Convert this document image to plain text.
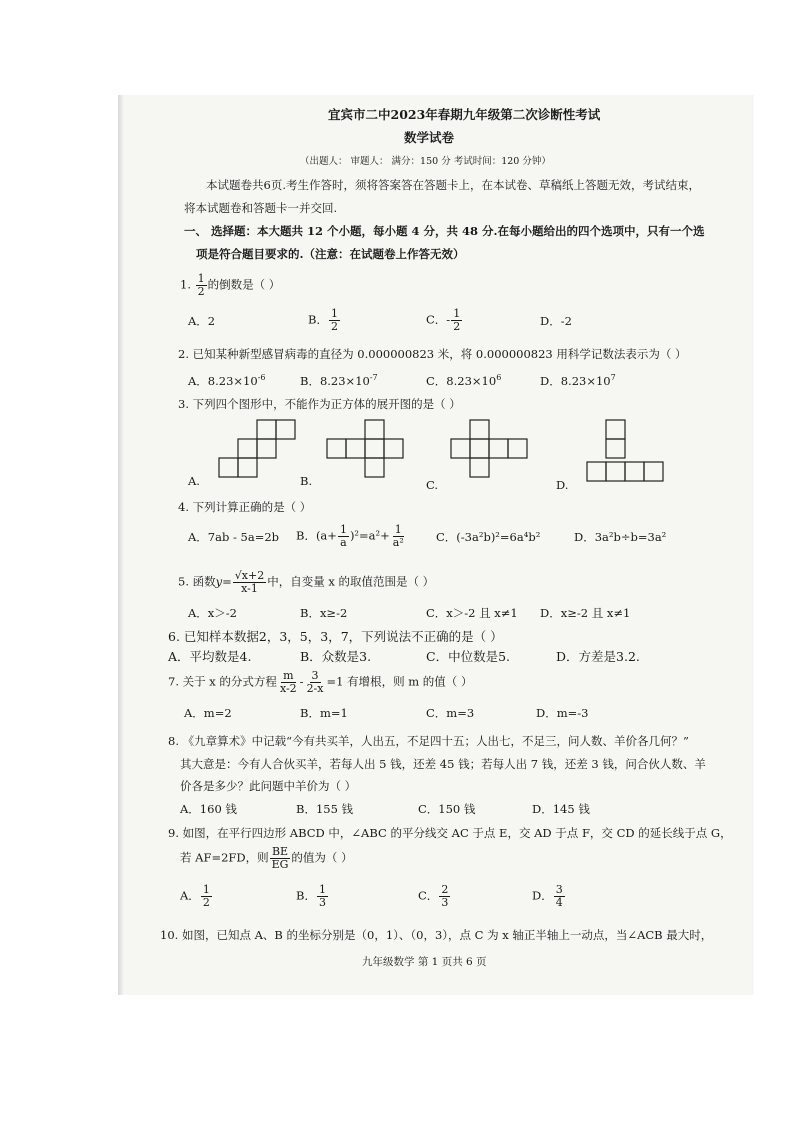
宜宾市二中2023年春期九年级第二次诊断性考试
数学试卷
（出题人： 审题人： 满分：150 分 考试时间：120 分钟）
本试题卷共6页.考生作答时，须将答案答在答题卡上，在本试卷、草稿纸上答题无效，考试结束，
将本试题卷和答题卡一并交回.
一、 选择题：本大题共 12 个小题，每小题 4 分，共 48 分.在每小题给出的四个选项中，只有一个选
项是符合题目要求的.（注意：在试题卷上作答无效）
1. $\frac{1}{2}$ 的倒数是（ ）
A．2	B． $\frac{1}{2}$	C．- $\frac{1}{2}$	D．-2
2. 已知某种新型感冒病毒的直径为 0.000000823 米，将 0.000000823 用科学记数法表示为（ ）
A．$8.23\times 10^{-6}$	B．$8.23\times 10^{-7}$	C．$8.23\times 10^6$	D．$8.23\times 10^7$
3. 下列四个图形中，不能作为正方体的展开图的是（ ）
A.	B.	C.	D.
4. 下列计算正确的是（ ）
A．7ab - 5a=2b B．$(a+ \frac{1}{a} )^2=a^2+ \frac{1}{\text{a²}}$	C．(-3a²b)²=6a⁴b²	D．3a²b÷b=3a²
5. 函数$y= \frac{√x+2}{x-1}$ 中，自变量 x 的取值范围是（ ）
A．x＞-2	B．x≥-2	C．x＞-2 且 x≠1 D．x≥-2 且 x≠1
6. 已知样本数据2，3，5，3，7，下列说法不正确的是（ ）
A．平均数是4.	B．众数是3.	C．中位数是5.	D．方差是3.2.
7. 关于 x 的分式方程 $\frac{m}{x-2} - \frac{3}{2-x} =1$ 有增根，则 m 的值（ ）
A．m=2	B．m=1	C．m=3	D．m=-3
8. 《九章算术》中记载“今有共买羊，人出五，不足四十五；人出七，不足三，问人数、羊价各几何？”
其大意是：今有人合伙买羊，若每人出 5 钱，还差 45 钱；若每人出 7 钱，还差 3 钱，问合伙人数、羊
价各是多少？此问题中羊价为（ ）
A．160 钱	B．155 钱	C．150 钱	D．145 钱
9. 如图，在平行四边形 ABCD 中，∠ABC 的平分线交 AC 于点 E，交 AD 于点 F，交 CD 的延长线于点 G，
若 AF=2FD，则 $\frac{BE}{EG}$ 的值为（ ）
A． $\frac{1}{2}$	B． $\frac{1}{3}$	C． $\frac{2}{3}$	D． $\frac{3}{4}$
10. 如图，已知点 A、B 的坐标分别是（0，1）、（0，3），点 C 为 x 轴正半轴上一动点，当∠ACB 最大时，
九年级数学 第 1 页共 6 页
